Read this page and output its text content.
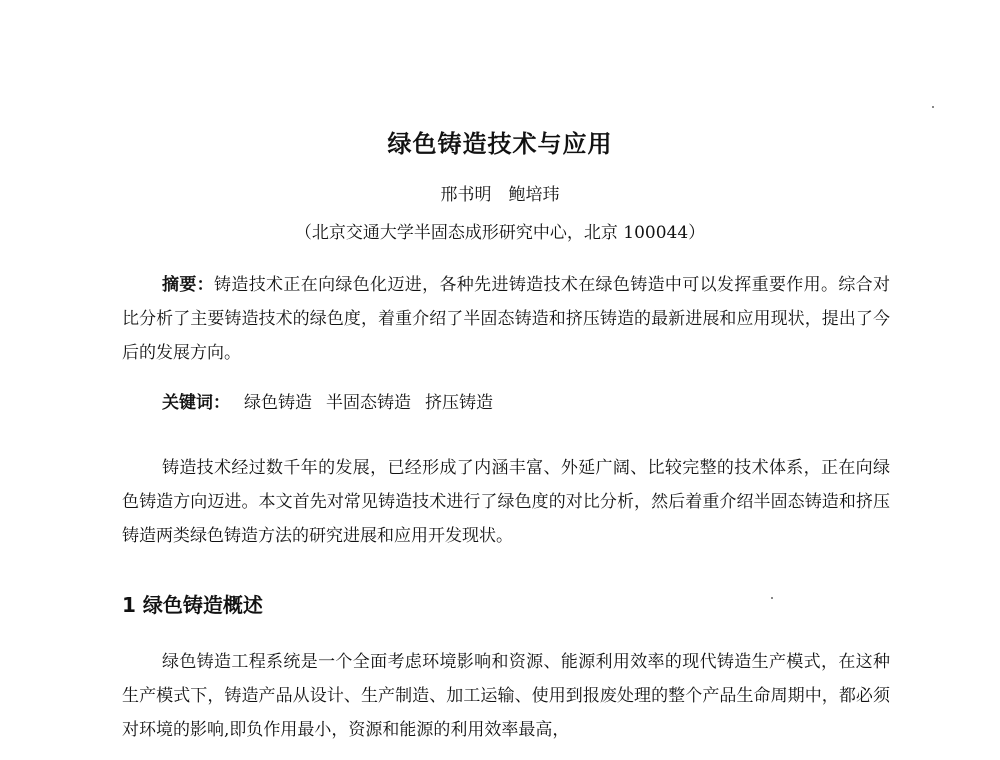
绿色铸造技术与应用
邢书明　鲍培玮
（北京交通大学半固态成形研究中心，北京 100044）
摘要：铸造技术正在向绿色化迈进，各种先进铸造技术在绿色铸造中可以发挥重要作用。综合对比分析了主要铸造技术的绿色度，着重介绍了半固态铸造和挤压铸造的最新进展和应用现状，提出了今后的发展方向。
关键词： 绿色铸造 半固态铸造 挤压铸造
铸造技术经过数千年的发展，已经形成了内涵丰富、外延广阔、比较完整的技术体系，正在向绿色铸造方向迈进。本文首先对常见铸造技术进行了绿色度的对比分析，然后着重介绍半固态铸造和挤压铸造两类绿色铸造方法的研究进展和应用开发现状。
1 绿色铸造概述
绿色铸造工程系统是一个全面考虑环境影响和资源、能源利用效率的现代铸造生产模式，在这种生产模式下，铸造产品从设计、生产制造、加工运输、使用到报废处理的整个产品生命周期中，都必须对环境的影响,即负作用最小，资源和能源的利用效率最高，
